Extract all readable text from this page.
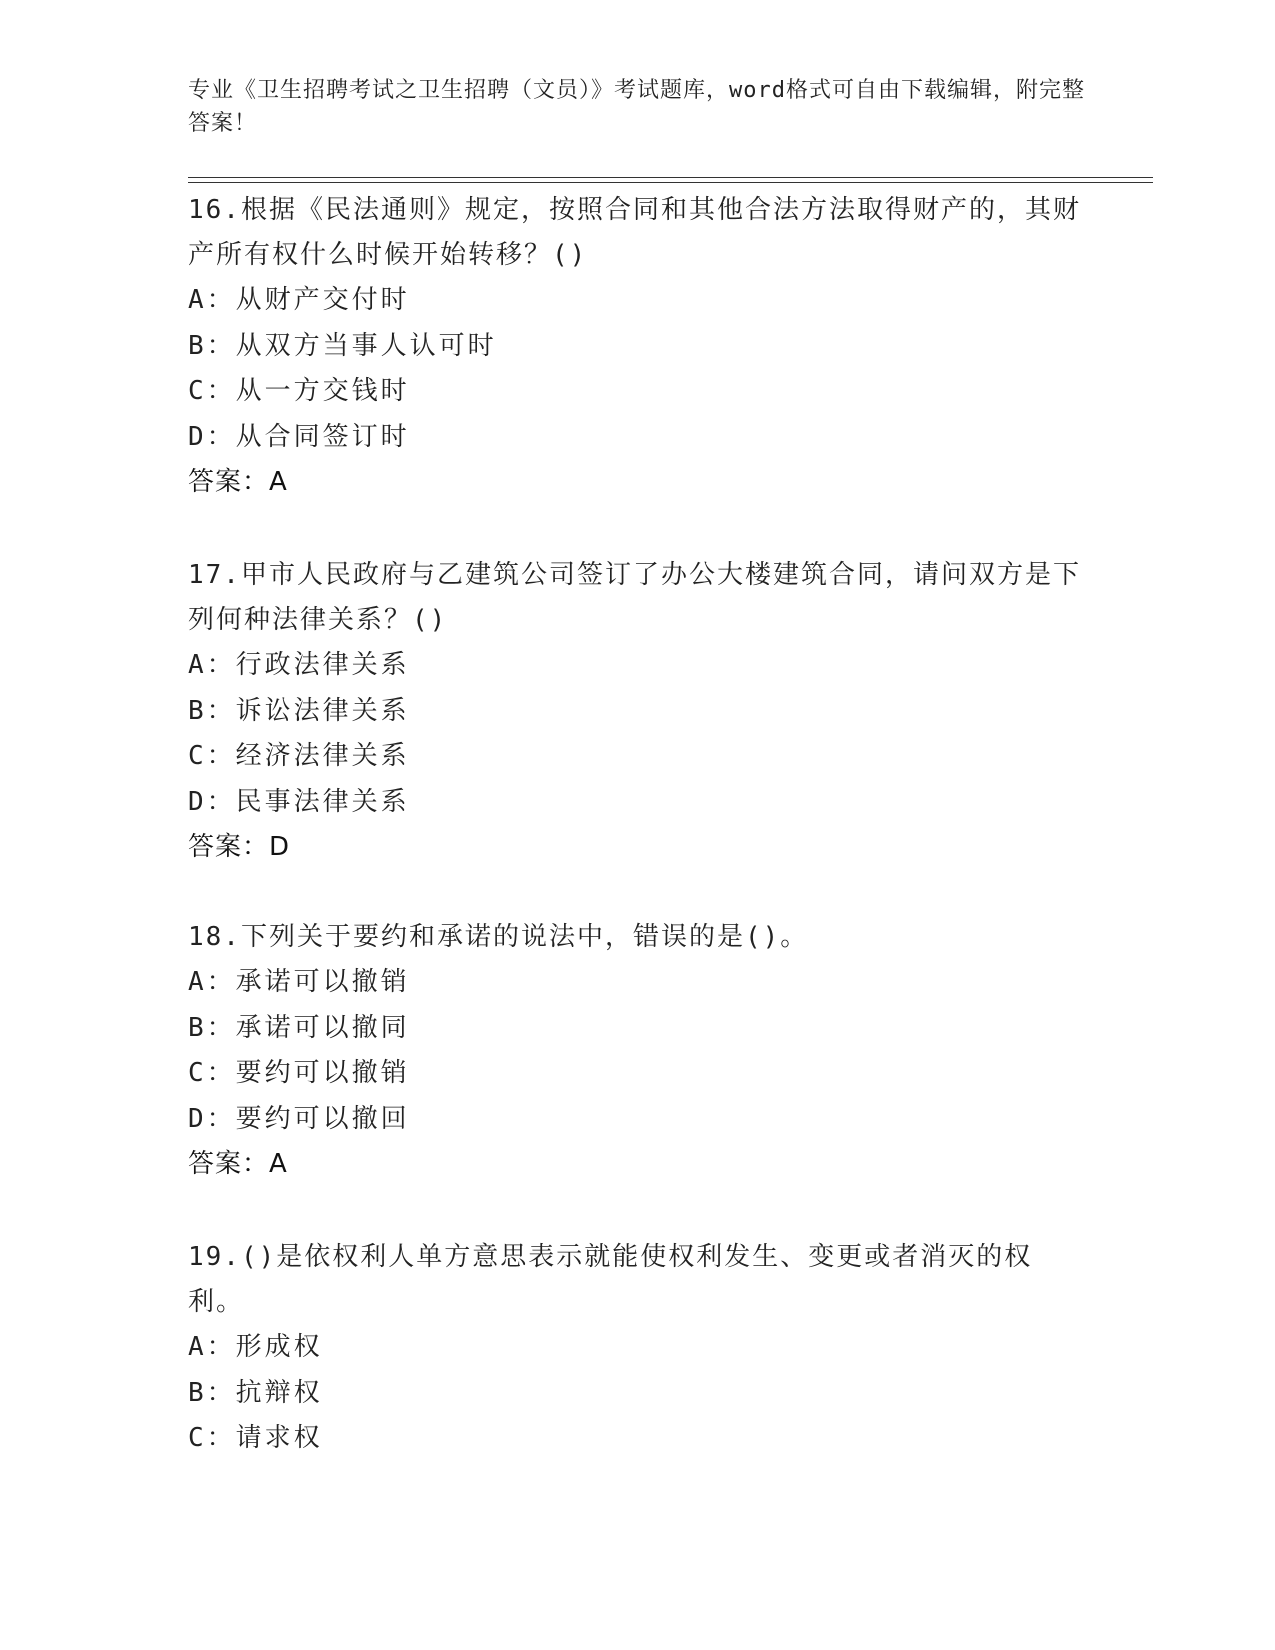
专业《卫生招聘考试之卫生招聘（文员）》考试题库，word格式可自由下载编辑，附完整答案！
16.根据《民法通则》规定，按照合同和其他合法方法取得财产的，其财产所有权什么时候开始转移？()
A：从财产交付时
B：从双方当事人认可时
C：从一方交钱时
D：从合同签订时
答案：A
17.甲市人民政府与乙建筑公司签订了办公大楼建筑合同，请问双方是下列何种法律关系？()
A：行政法律关系
B：诉讼法律关系
C：经济法律关系
D：民事法律关系
答案：D
18.下列关于要约和承诺的说法中，错误的是()。
A：承诺可以撤销
B：承诺可以撤同
C：要约可以撤销
D：要约可以撤回
答案：A
19.()是依权利人单方意思表示就能使权利发生、变更或者消灭的权利。
A：形成权
B：抗辩权
C：请求权
